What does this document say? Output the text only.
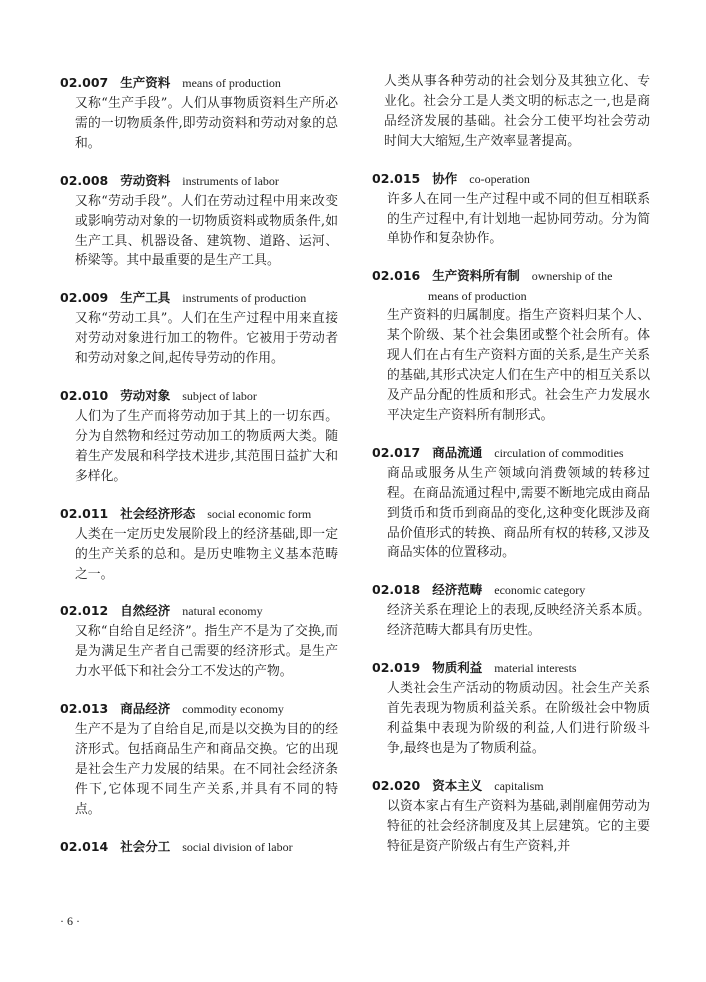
02.007 生产资料 means of production
又称“生产手段”。人们从事物质资料生产所必需的一切物质条件,即劳动资料和劳动对象的总和。
02.008 劳动资料 instruments of labor
又称“劳动手段”。人们在劳动过程中用来改变或影响劳动对象的一切物质资料或物质条件,如生产工具、机器设备、建筑物、道路、运河、桥梁等。其中最重要的是生产工具。
02.009 生产工具 instruments of production
又称“劳动工具”。人们在生产过程中用来直接对劳动对象进行加工的物件。它被用于劳动者和劳动对象之间,起传导劳动的作用。
02.010 劳动对象 subject of labor
人们为了生产而将劳动加于其上的一切东西。分为自然物和经过劳动加工的物质两大类。随着生产发展和科学技术进步,其范围日益扩大和多样化。
02.011 社会经济形态 social economic form
人类在一定历史发展阶段上的经济基础,即一定的生产关系的总和。是历史唯物主义基本范畴之一。
02.012 自然经济 natural economy
又称“自给自足经济”。指生产不是为了交换,而是为满足生产者自己需要的经济形式。是生产力水平低下和社会分工不发达的产物。
02.013 商品经济 commodity economy
生产不是为了自给自足,而是以交换为目的的经济形式。包括商品生产和商品交换。它的出现是社会生产力发展的结果。在不同社会经济条件下,它体现不同生产关系,并具有不同的特点。
02.014 社会分工 social division of labor
人类从事各种劳动的社会划分及其独立化、专业化。社会分工是人类文明的标志之一,也是商品经济发展的基础。社会分工使平均社会劳动时间大大缩短,生产效率显著提高。
02.015 协作 co-operation
许多人在同一生产过程中或不同的但互相联系的生产过程中,有计划地一起协同劳动。分为简单协作和复杂协作。
02.016 生产资料所有制 ownership of the
means of production
生产资料的归属制度。指生产资料归某个人、某个阶级、某个社会集团或整个社会所有。体现人们在占有生产资料方面的关系,是生产关系的基础,其形式决定人们在生产中的相互关系以及产品分配的性质和形式。社会生产力发展水平决定生产资料所有制形式。
02.017 商品流通 circulation of commodities
商品或服务从生产领域向消费领域的转移过程。在商品流通过程中,需要不断地完成由商品到货币和货币到商品的变化,这种变化既涉及商品价值形式的转换、商品所有权的转移,又涉及商品实体的位置移动。
02.018 经济范畴 economic category
经济关系在理论上的表现,反映经济关系本质。经济范畴大都具有历史性。
02.019 物质利益 material interests
人类社会生产活动的物质动因。社会生产关系首先表现为物质利益关系。在阶级社会中物质利益集中表现为阶级的利益,人们进行阶级斗争,最终也是为了物质利益。
02.020 资本主义 capitalism
以资本家占有生产资料为基础,剥削雇佣劳动为特征的社会经济制度及其上层建筑。它的主要特征是资产阶级占有生产资料,并
· 6 ·
